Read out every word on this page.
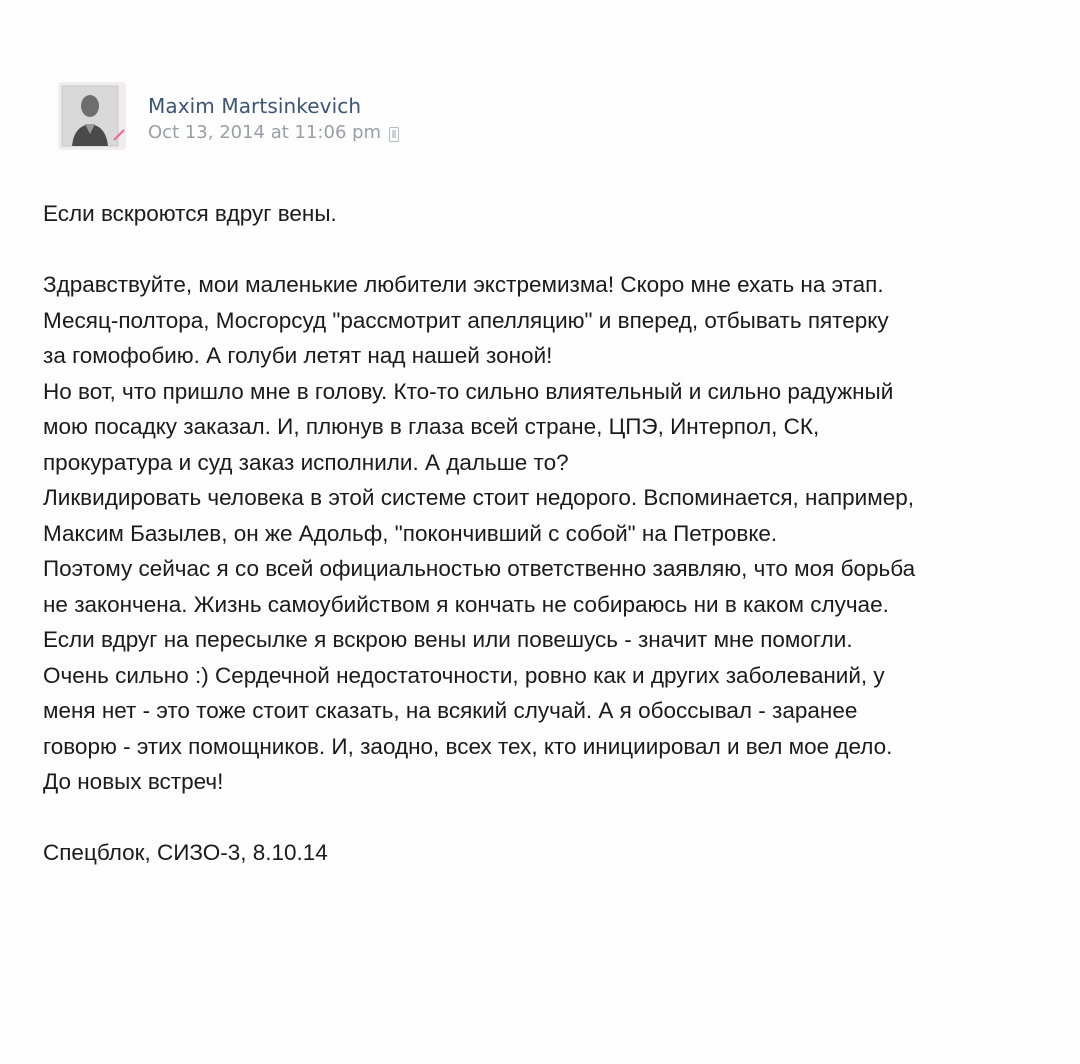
Maxim Martsinkevich
Oct 13, 2014 at 11:06 pm

Если вскроются вдруг вены.

Здравствуйте, мои маленькие любители экстремизма! Скоро мне ехать на этап.
Месяц-полтора, Мосгорсуд "рассмотрит апелляцию" и вперед, отбывать пятерку
за гомофобию. А голуби летят над нашей зоной!
Но вот, что пришло мне в голову. Кто-то сильно влиятельный и сильно радужный
мою посадку заказал. И, плюнув в глаза всей стране, ЦПЭ, Интерпол, СК,
прокуратура и суд заказ исполнили. А дальше то?
Ликвидировать человека в этой системе стоит недорого. Вспоминается, например,
Максим Базылев, он же Адольф, "покончивший с собой" на Петровке.
Поэтому сейчас я со всей официальностью ответственно заявляю, что моя борьба
не закончена. Жизнь самоубийством я кончать не собираюсь ни в каком случае.
Если вдруг на пересылке я вскрою вены или повешусь - значит мне помогли.
Очень сильно :) Сердечной недостаточности, ровно как и других заболеваний, у
меня нет - это тоже стоит сказать, на всякий случай. А я обоссывал - заранее
говорю - этих помощников. И, заодно, всех тех, кто инициировал и вел мое дело.
До новых встреч!

Спецблок, СИЗО-3, 8.10.14
